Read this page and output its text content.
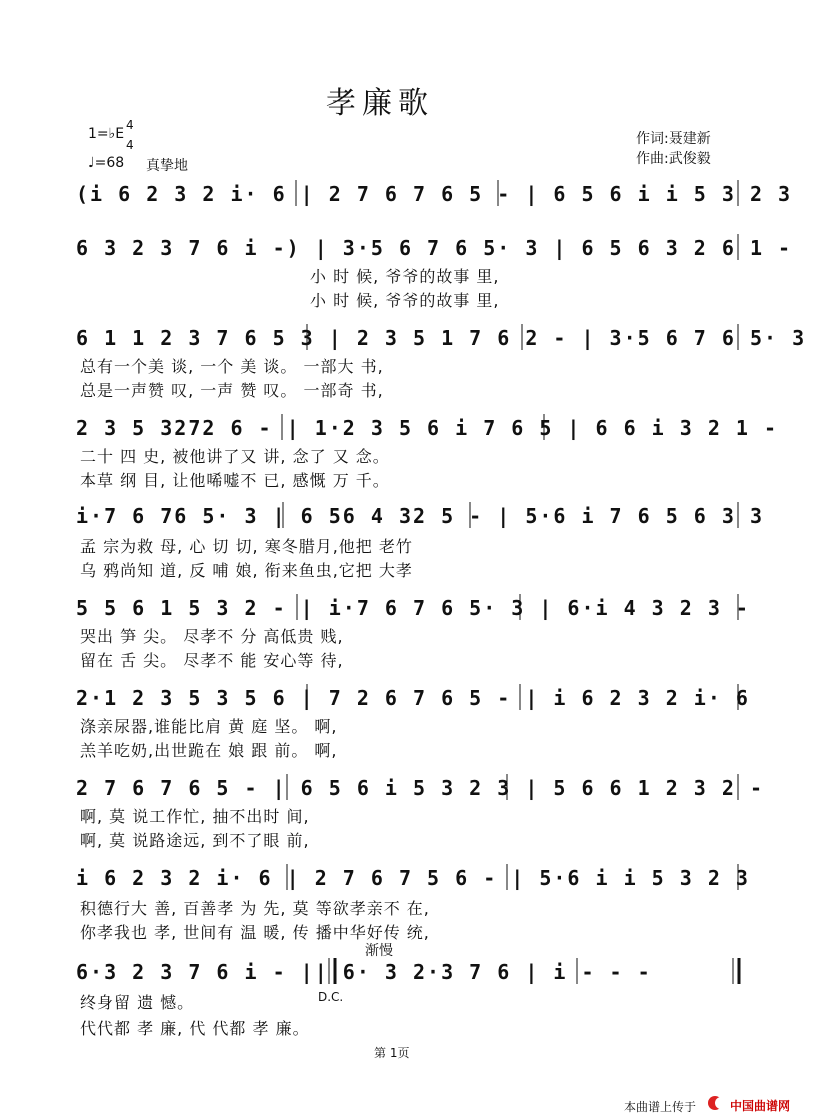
孝廉歌
1=♭E
4
4
♩=68 真挚地
作词:聂建新
作曲:武俊毅
(i 6 2 3 2 i· 6 | 2 7 6 7 6 5 - | 6 5 6 i i 5 3 2 3
6 3 2 3 7 6 i -) | 3·5 6 7 6 5· 3 | 6 5 6 3 2 6 1 -
小 时 候, 爷爷的故事 里,
小 时 候, 爷爷的故事 里,
6 1 1 2 3 7 6 5 3 | 2 3 5 1 7 6 2 - | 3·5 6 7 6 5· 3
总有一个美 谈, 一个 美 谈。 一部大 书,
总是一声赞 叹, 一声 赞 叹。 一部奇 书,
2 3 5 3272 6 - | 1·2 3 5 6 i 7 6 5 | 6 6 i 3 2 1 -
二十 四 史, 被他讲了又 讲, 念了 又 念。
本草 纲 目, 让他唏嘘不 已, 感慨 万 千。
i·7 6 76 5· 3 | 6 56 4 32 5 - | 5·6 i 7 6 5 6 3 3
孟 宗为救 母, 心 切 切, 寒冬腊月,他把 老竹
乌 鸦尚知 道, 反 哺 娘, 衔来鱼虫,它把 大孝
5 5 6 1 5 3 2 - | i·7 6 7 6 5· 3 | 6·i 4 3 2 3 -
哭出 笋 尖。 尽孝不 分 高低贵 贱,
留在 舌 尖。 尽孝不 能 安心等 待,
2·1 2 3 5 3 5 6 | 7 2 6 7 6 5 - | i 6 2 3 2 i· 6
涤亲尿器,谁能比肩 黄 庭 坚。 啊,
羔羊吃奶,出世跪在 娘 跟 前。 啊,
2 7 6 7 6 5 - | 6 5 6 i 5 3 2 3 | 5 6 6 1 2 3 2 -
啊, 莫 说工作忙, 抽不出时 间,
啊, 莫 说路途远, 到不了眼 前,
i 6 2 3 2 i· 6 | 2 7 6 7 5 6 - | 5·6 i i 5 3 2 3
积德行大 善, 百善孝 为 先, 莫 等欲孝亲不 在,
你孝我也 孝, 世间有 温 暖, 传 播中华好传 统,
渐慢
6·3 2 3 7 6 i - || 6· 3 2·3 7 6 | i - - -
D.C.
终身留 遗 憾。
代代都 孝 廉, 代 代都 孝 廉。
第 1页
本曲谱上传于	中国曲谱网
